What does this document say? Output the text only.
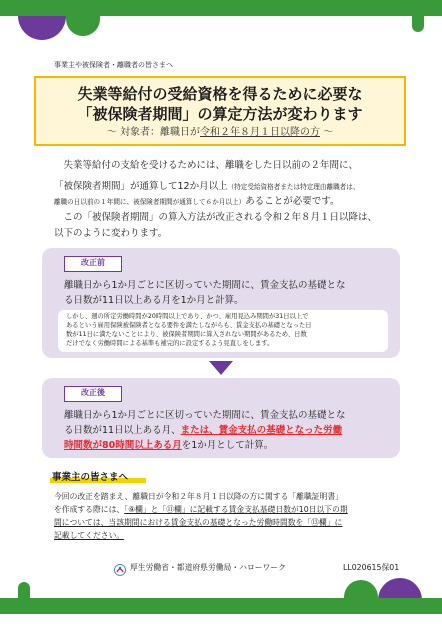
事業主や被保険者・離職者の皆さまへ
失業等給付の受給資格を得るために必要な
「被保険者期間」の算定方法が変わります
～ 対象者：離職日が令和２年８月１日以降の方 ～
　失業等給付の支給を受けるためには、離職をした日以前の２年間に、
「被保険者期間」が通算して12か月以上（特定受給資格者または特定理由離職者は、
離職の日以前の１年間に、被保険者期間が通算して６か月以上）あることが必要です。
　この「被保険者期間」の算入方法が改正される令和２年８月１日以降は、
以下のように変わります。
改正前
離職日から1か月ごとに区切っていた期間に、賃金支払の基礎とな
る日数が11日以上ある月を1か月と計算。
しかし、週の所定労働時間が20時間以上であり、かつ、雇用見込み期間が31日以上で
あるという雇用保険被保険者となる要件を満たしながらも、賃金支払の基礎となった日
数が11日に満たないことにより、被保険者期間に算入されない期間があるため、日数
だけでなく労働時間による基準も補完的に設定するよう見直しをします。
改正後
離職日から1か月ごとに区切っていた期間に、賃金支払の基礎とな
る日数が11日以上ある月、または、賃金支払の基礎となった労働
時間数が80時間以上ある月を1か月として計算。
事業主の皆さまへ
今回の改正を踏まえ、離職日が令和２年８月１日以降の方に関する「離職証明書」
を作成する際には、「⑨欄」と「⑪欄」に記載する賃金支払基礎日数が10日以下の期
間については、当該期間における賃金支払の基礎となった労働時間数を「⑬欄」に
記載してください。
厚生労働省・都道府県労働局・ハローワーク	LL020615保01
